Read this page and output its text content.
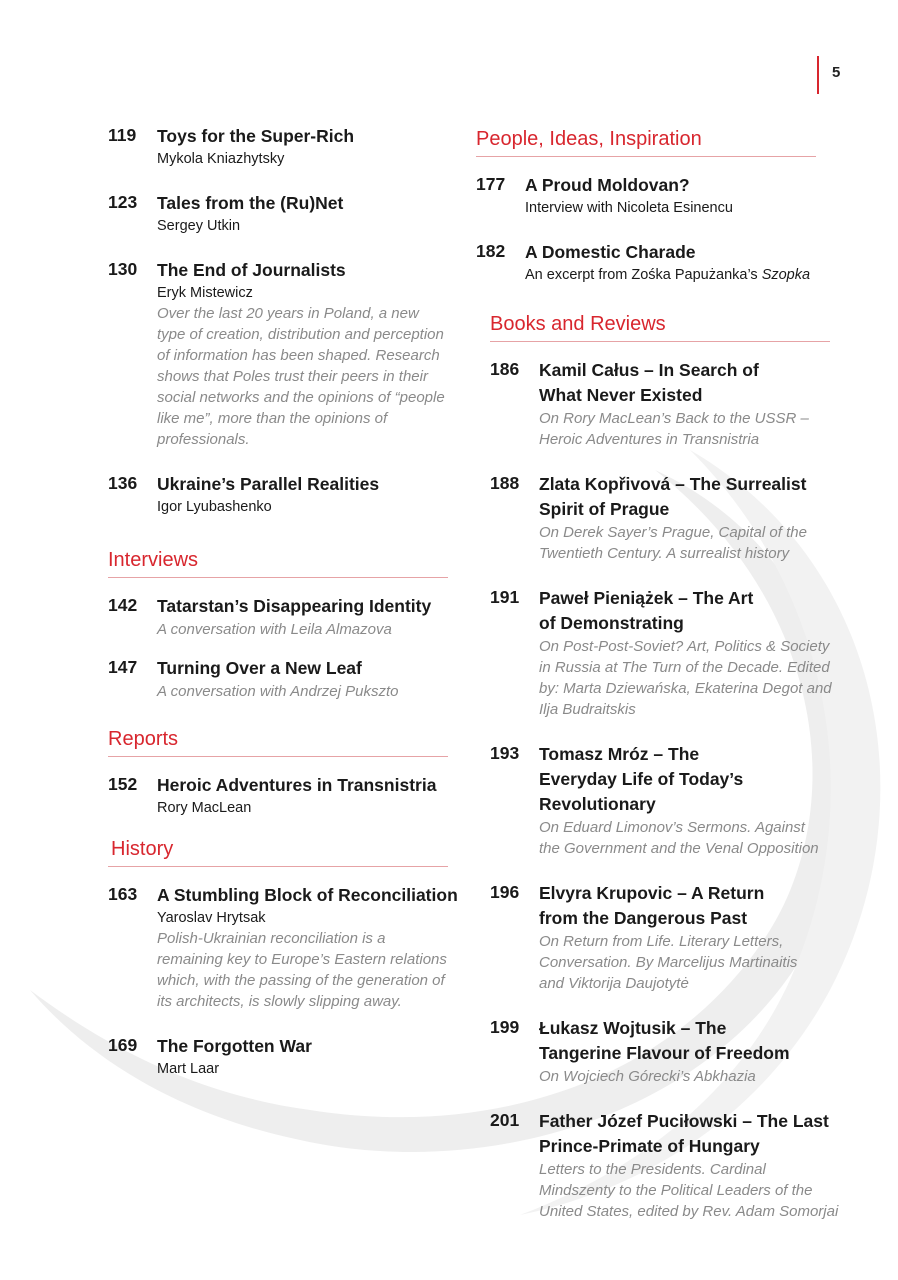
5
119	Toys for the Super-Rich
Mykola Kniazhytsky
123	Tales from the (Ru)Net
Sergey Utkin
130	The End of Journalists
Eryk Mistewicz
Over the last 20 years in Poland, a new type of creation, distribution and perception of information has been shaped. Research shows that Poles trust their peers in their social networks and the opinions of “people like me”, more than the opinions of professionals.
136	Ukraine’s Parallel Realities
Igor Lyubashenko
Interviews
142	Tatarstan’s Disappearing Identity
A conversation with Leila Almazova
147	Turning Over a New Leaf
A conversation with Andrzej Pukszto
Reports
152	Heroic Adventures in Transnistria
Rory MacLean
History
163	A Stumbling Block of Reconciliation
Yaroslav Hrytsak
Polish-Ukrainian reconciliation is a remaining key to Europe’s Eastern relations which, with the passing of the generation of its architects, is slowly slipping away.
169	The Forgotten War
Mart Laar
People, Ideas, Inspiration
177	A Proud Moldovan?
Interview with Nicoleta Esinencu
182	A Domestic Charade
An excerpt from Zośka Papużanka’s Szopka
Books and Reviews
186	Kamil Całus – In Search of What Never Existed
On Rory MacLean’s Back to the USSR – Heroic Adventures in Transnistria
188	Zlata Kopřivová – The Surrealist Spirit of Prague
On Derek Sayer’s Prague, Capital of the Twentieth Century. A surrealist history
191	Paweł Pieniążek – The Art of Demonstrating
On Post-Post-Soviet? Art, Politics & Society in Russia at The Turn of the Decade. Edited by: Marta Dziewańska, Ekaterina Degot and Ilja Budraitskis
193	Tomasz Mróz – The Everyday Life of Today’s Revolutionary
On Eduard Limonov’s Sermons. Against the Government and the Venal Opposition
196	Elvyra Krupovic – A Return from the Dangerous Past
On Return from Life. Literary Letters, Conversation. By Marcelijus Martinaitis and Viktorija Daujotytė
199	Łukasz Wojtusik – The Tangerine Flavour of Freedom
On Wojciech Górecki’s Abkhazia
201	Father Józef Puciłowski – The Last Prince-Primate of Hungary
Letters to the Presidents. Cardinal Mindszenty to the Political Leaders of the United States, edited by Rev. Adam Somorjai
